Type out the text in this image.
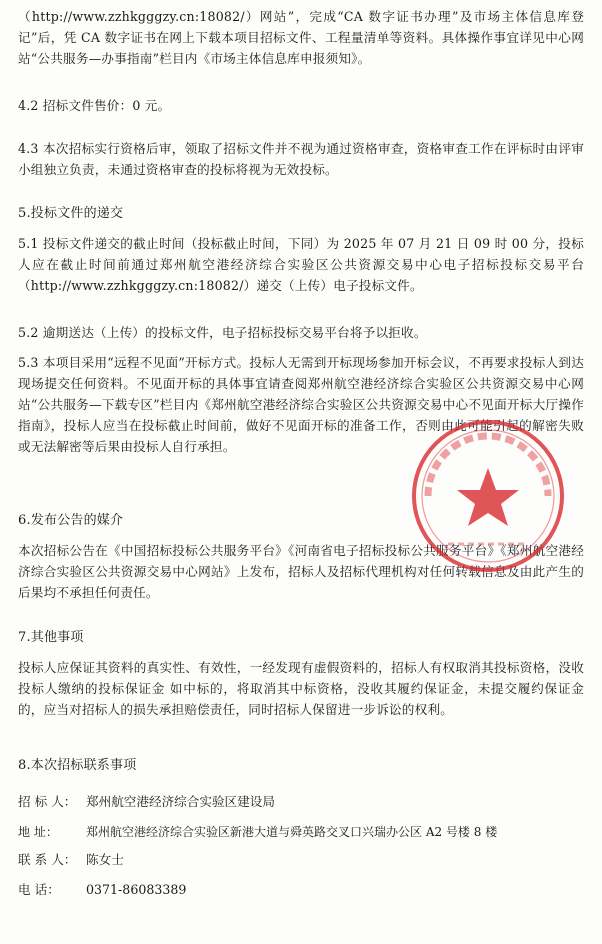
（http://www.zzhkgggzy.cn:18082/）网站”，完成“CA 数字证书办理”及市场主体信息库登记”后，凭 CA 数字证书在网上下载本项目招标文件、工程量清单等资料。具体操作事宜详见中心网站“公共服务—办事指南”栏目内《市场主体信息库申报须知》。

4.2 招标文件售价：0 元。

4.3 本次招标实行资格后审，领取了招标文件并不视为通过资格审查，资格审查工作在评标时由评审小组独立负责，未通过资格审查的投标将视为无效投标。

5.投标文件的递交

5.1 投标文件递交的截止时间（投标截止时间，下同）为 2025 年 07 月 21 日 09 时 00 分，投标人应在截止时间前通过郑州航空港经济综合实验区公共资源交易中心电子招标投标交易平台（http://www.zzhkgggzy.cn:18082/）递交（上传）电子投标文件。

5.2 逾期送达（上传）的投标文件，电子招标投标交易平台将予以拒收。

5.3 本项目采用“远程不见面”开标方式。投标人无需到开标现场参加开标会议，不再要求投标人到达现场提交任何资料。不见面开标的具体事宜请查阅郑州航空港经济综合实验区公共资源交易中心网站“公共服务—下载专区”栏目内《郑州航空港经济综合实验区公共资源交易中心不见面开标大厅操作指南》，投标人应当在投标截止时间前，做好不见面开标的准备工作，否则由此可能引起的解密失败或无法解密等后果由投标人自行承担。

6.发布公告的媒介

本次招标公告在《中国招标投标公共服务平台》《河南省电子招标投标公共服务平台》《郑州航空港经济综合实验区公共资源交易中心网站》上发布，招标人及招标代理机构对任何转载信息及由此产生的后果均不承担任何责任。

7.其他事项

投标人应保证其资料的真实性、有效性，一经发现有虚假资料的，招标人有权取消其投标资格，没收投标人缴纳的投标保证金 如中标的，将取消其中标资格，没收其履约保证金，未提交履约保证金的，应当对招标人的损失承担赔偿责任，同时招标人保留进一步诉讼的权利。

8.本次招标联系事项

招 标 人： 郑州航空港经济综合实验区建设局
地 址： 郑州航空港经济综合实验区新港大道与舜英路交叉口兴瑞办公区 A2 号楼 8 楼
联 系 人： 陈女士
电 话： 0371-86083389
